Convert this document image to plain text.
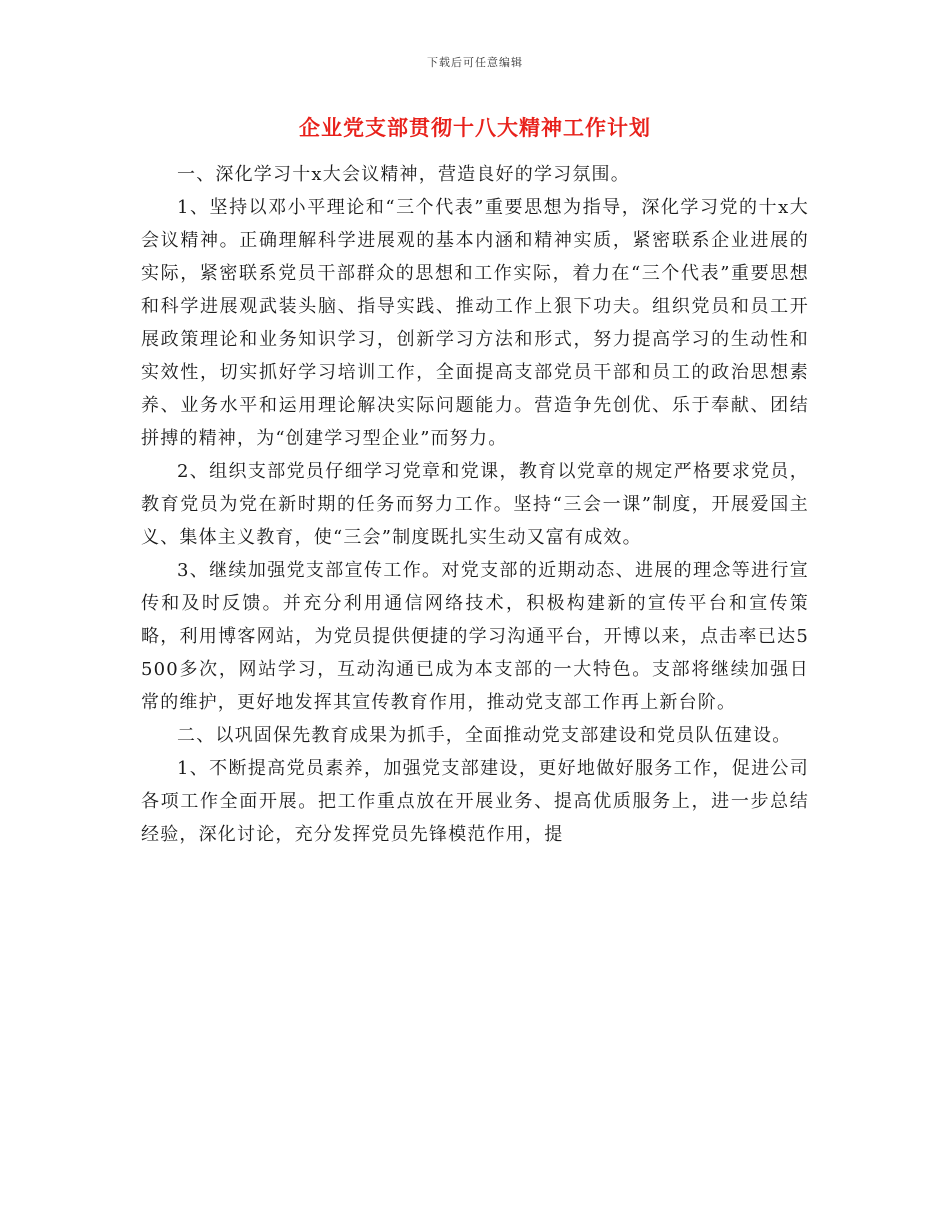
下载后可任意编辑
企业党支部贯彻十八大精神工作计划

一、深化学习十x大会议精神，营造良好的学习氛围。

1、坚持以邓小平理论和“三个代表”重要思想为指导，深化学习党的十x大会议精神。正确理解科学进展观的基本内涵和精神实质，紧密联系企业进展的实际，紧密联系党员干部群众的思想和工作实际，着力在“三个代表”重要思想和科学进展观武装头脑、指导实践、推动工作上狠下功夫。组织党员和员工开展政策理论和业务知识学习，创新学习方法和形式，努力提高学习的生动性和实效性，切实抓好学习培训工作，全面提高支部党员干部和员工的政治思想素养、业务水平和运用理论解决实际问题能力。营造争先创优、乐于奉献、团结拼搏的精神，为“创建学习型企业”而努力。

2、组织支部党员仔细学习党章和党课，教育以党章的规定严格要求党员，教育党员为党在新时期的任务而努力工作。坚持“三会一课”制度，开展爱国主义、集体主义教育，使“三会”制度既扎实生动又富有成效。

3、继续加强党支部宣传工作。对党支部的近期动态、进展的理念等进行宣传和及时反馈。并充分利用通信网络技术，积极构建新的宣传平台和宣传策略，利用博客网站，为党员提供便捷的学习沟通平台，开博以来，点击率已达5500多次，网站学习，互动沟通已成为本支部的一大特色。支部将继续加强日常的维护，更好地发挥其宣传教育作用，推动党支部工作再上新台阶。

二、以巩固保先教育成果为抓手，全面推动党支部建设和党员队伍建设。

1、不断提高党员素养，加强党支部建设，更好地做好服务工作，促进公司各项工作全面开展。把工作重点放在开展业务、提高优质服务上，进一步总结经验，深化讨论，充分发挥党员先锋模范作用，提
